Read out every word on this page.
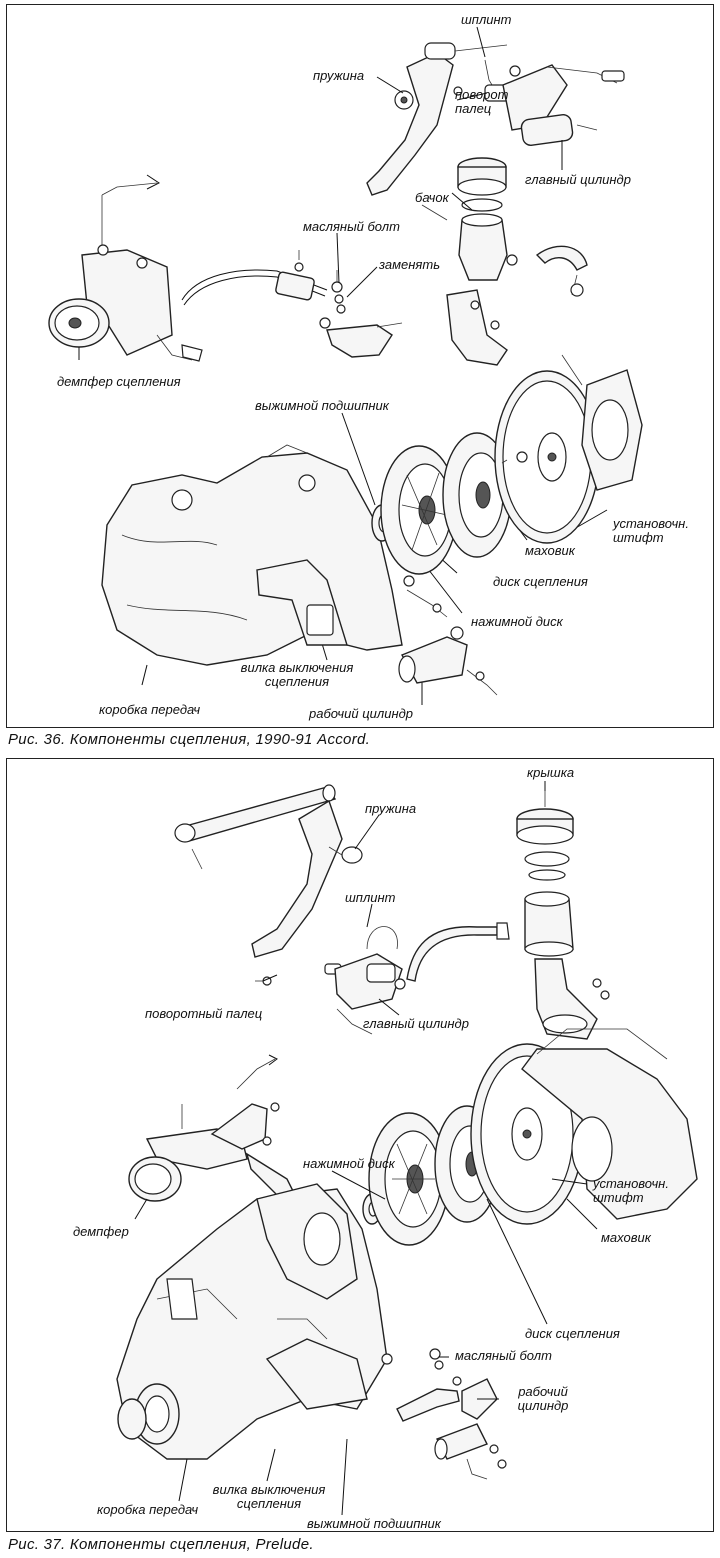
шплинт
пружина
поворот
палец
главный цилиндр
бачок
масляный болт
заменять
демпфер сцепления
выжимной подшипник
установочн.
штифт
маховик
диск сцепления
нажимной диск
вилка выключения
сцепления
коробка передач	рабочий цилиндр
Рис. 36. Компоненты сцепления, 1990-91 Accord.
крышка
пружина
шплинт
поворотный палец
главный цилиндр
нажимной диск
демпфер
установочн.
штифт
маховик
диск сцепления
масляный болт
рабочий
цилиндр
вилка выключения
сцепления
коробка передач
выжимной подшипник
Рис. 37. Компоненты сцепления, Prelude.
